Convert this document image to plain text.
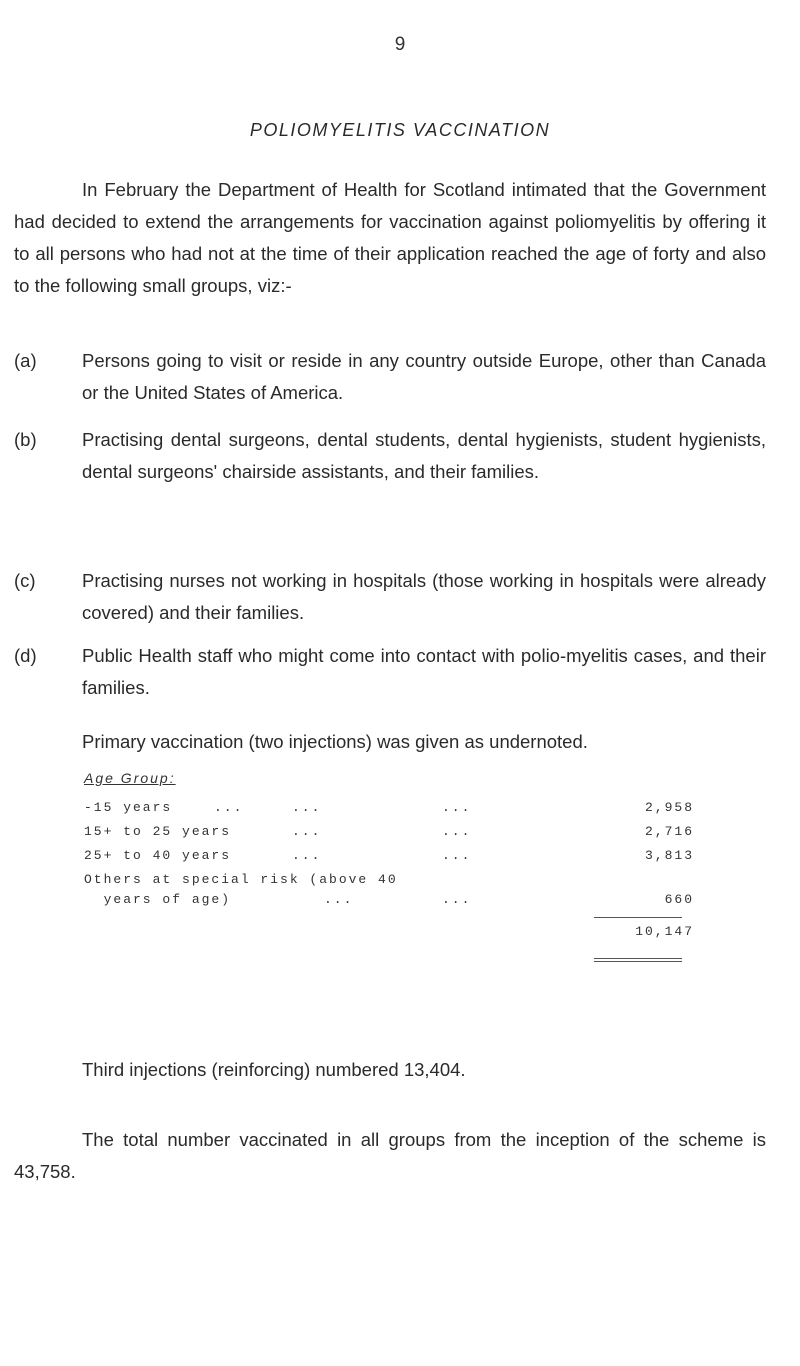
9
POLIOMYELITIS VACCINATION

In February the Department of Health for Scotland intimated that the Government had decided to extend the arrangements for vaccination against poliomyelitis by offering it to all persons who had not at the time of their application reached the age of forty and also to the following small groups, viz:-

(a) Persons going to visit or reside in any country outside Europe, other than Canada or the United States of America.

(b) Practising dental surgeons, dental students, dental hygienists, student hygienists, dental surgeons' chairside assistants, and their families.

(c)	Practising nurses not working in hospitals (those working in hospitals were already covered) and their families.

(d) Public Health staff who might come into contact with polio-myelitis cases, and their families.

Primary vaccination (two injections) was given as undernoted.

Age Group:
-15 years	...	...	...	2,958
15+ to 25 years	...	...	2,716
25+ to 40 years	...	...	3,813
Others at special risk (above 40
years of age)	...	...	660
10,147

Third injections (reinforcing) numbered 13,404.

The total number vaccinated in all groups from the inception of the scheme is 43,758.
